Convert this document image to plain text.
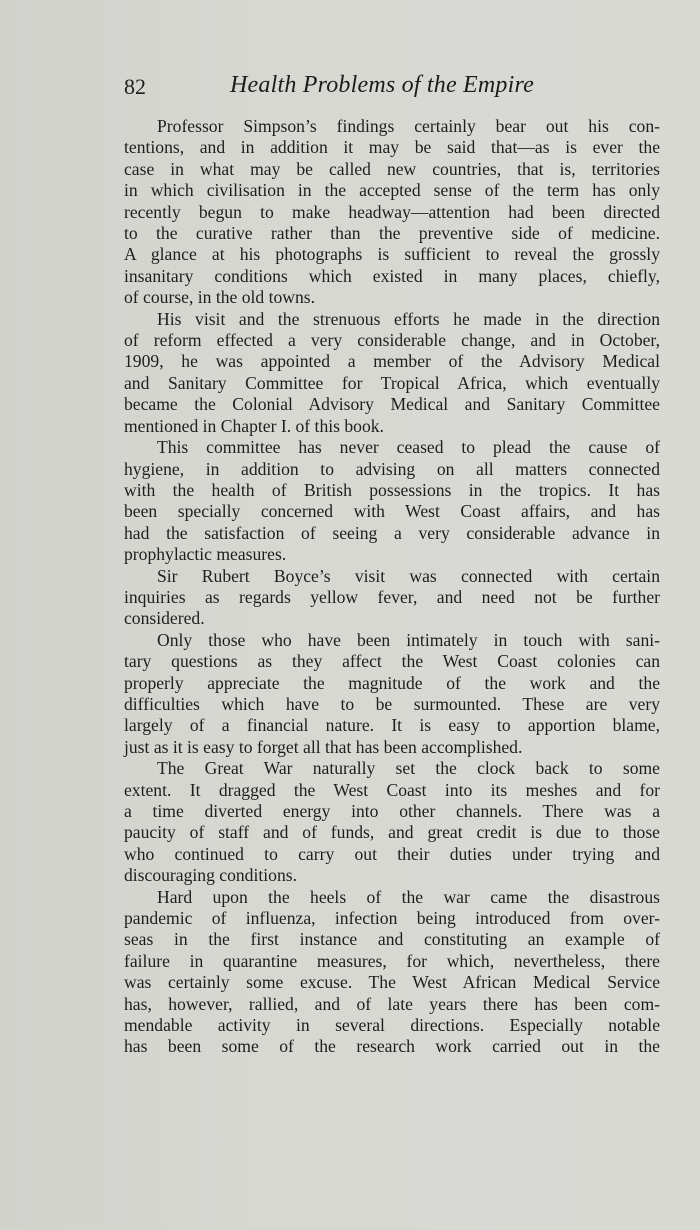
82	Health Problems of the Empire
Professor Simpson’s findings certainly bear out his con-
tentions, and in addition it may be said that—as is ever the
case in what may be called new countries, that is, territories
in which civilisation in the accepted sense of the term has only
recently begun to make headway—attention had been directed
to the curative rather than the preventive side of medicine.
A glance at his photographs is sufficient to reveal the grossly
insanitary conditions which existed in many places, chiefly,
of course, in the old towns.
His visit and the strenuous efforts he made in the direction
of reform effected a very considerable change, and in October,
1909, he was appointed a member of the Advisory Medical
and Sanitary Committee for Tropical Africa, which eventually
became the Colonial Advisory Medical and Sanitary Committee
mentioned in Chapter I. of this book.
This committee has never ceased to plead the cause of
hygiene, in addition to advising on all matters connected
with the health of British possessions in the tropics. It has
been specially concerned with West Coast affairs, and has
had the satisfaction of seeing a very considerable advance in
prophylactic measures.
Sir Rubert Boyce’s visit was connected with certain
inquiries as regards yellow fever, and need not be further
considered.
Only those who have been intimately in touch with sani-
tary questions as they affect the West Coast colonies can
properly appreciate the magnitude of the work and the
difficulties which have to be surmounted. These are very
largely of a financial nature. It is easy to apportion blame,
just as it is easy to forget all that has been accomplished.
The Great War naturally set the clock back to some
extent. It dragged the West Coast into its meshes and for
a time diverted energy into other channels. There was a
paucity of staff and of funds, and great credit is due to those
who continued to carry out their duties under trying and
discouraging conditions.
Hard upon the heels of the war came the disastrous
pandemic of influenza, infection being introduced from over-
seas in the first instance and constituting an example of
failure in quarantine measures, for which, nevertheless, there
was certainly some excuse. The West African Medical Service
has, however, rallied, and of late years there has been com-
mendable activity in several directions. Especially notable
has been some of the research work carried out in the
